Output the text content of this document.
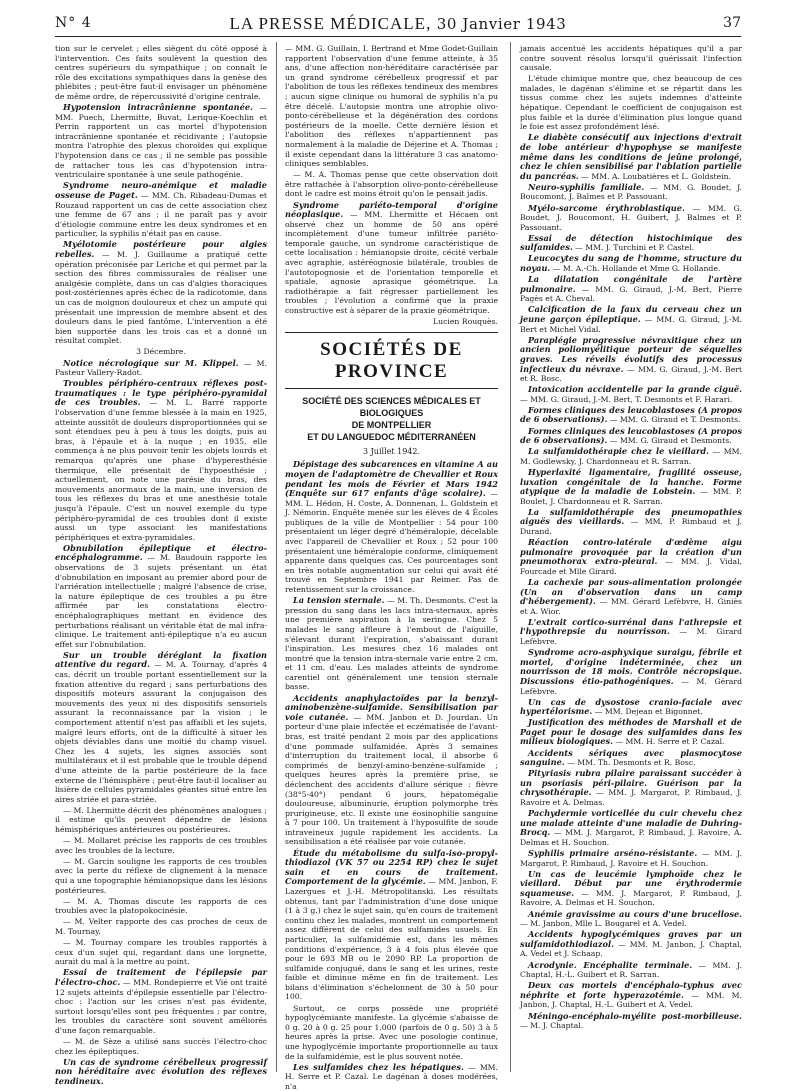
N° 4	LA PRESSE MÉDICALE, 30 Janvier 1943	37

tion sur le cervelet ; elles siègent du côté opposé à l'intervention. Ces faits soulèvent la question des centres supérieurs du sympathique ; on connaît le rôle des excitations sympathiques dans la genèse des phlébites ; peut-être faut-il envisager un phénomène de même ordre, de répercussivité d'origine centrale.

Hypotension intracrânienne spontanée. — MM. Puech, Lhermitte, Buvat, Lerique-Koechlin et Perrin rapportent un cas mortel d'hypotension intracrânienne spontanée et récidivante ; l'autopsie montra l'atrophie des plexus choroïdes qui explique l'hypotension dans ce cas ; il ne semble pas possible de rattacher tous les cas d'hypotension intra-ventriculaire spontanée à une seule pathogénie.

Syndrome neuro-anémique et maladie osseuse de Paget. — MM. Ch. Ribadeau-Dumas et Rouzaud rapportent un cas de cette association chez une femme de 67 ans ; il ne paraît pas y avoir d'étiologie commune entre les deux syndromes et en particulier, la syphilis n'était pas en cause.

Myélotomie postérieure pour algies rebelles. — M. J. Guillaume a pratiqué cette opération préconisée par Leriche et qui permet par la section des fibres commissurales de réaliser une analgésie complète, dans un cas d'algies thoraciques post-zostériennes après échec de la radicotomie, dans un cas de moignon douloureux et chez un amputé qui présentait une impression de membre absent et des douleurs dans le pied fantôme. L'intervention a été bien supportée dans les trois cas et a donné un résultat complet.

3 Décembre.

Notice nécrologique sur M. Klippel. — M. Pasteur Vallery-Radot.

Troubles périphéro-centraux réflexes post-traumatiques : le type périphéro-pyramidal de ces troubles. — M. L. Barré rapporte l'observation d'une femme blessée à la main en 1925, atteinte aussitôt de douleurs disproportionnées qui se sont étendues peu à peu à tous les doigts, puis au bras, à l'épaule et à la nuque ; en 1935, elle commença à ne plus pouvoir tenir les objets lourds et remarqua qu'après une phase d'hyperesthésie thermique, elle présentait de l'hypoesthésie ; actuellement, on note une parésie du bras, des mouvements anormaux de la main, une inversion de tous les réflexes du bras et une anesthésie totale jusqu'à l'épaule. C'est un nouvel exemple du type périphéro-pyramidal de ces troubles dont il existe aussi un type associant les manifestations périphériques et extra-pyramidales.

Obnubilation épileptique et électro-encéphalogramme. — M. Baudouin rapporte les observations de 3 sujets présentant un état d'obnubilation en imposant au premier abord pour de l'arriération intellectuelle ; malgré l'absence de crise, la nature épileptique de ces troubles a pu être affirmée par les constatations électro-encéphalographiques mettant en évidence des perturbations réalisant un véritable état de mal infra-clinique. Le traitement anti-épileptique n'a eu aucun effet sur l'obnubilation.

Sur un trouble déréglant la fixation attentive du regard. — M. A. Tournay, d'après 4 cas, décrit un trouble portant essentiellement sur la fixation attentive du regard ; sans perturbations des dispositifs moteurs assurant la conjugaison des mouvements des yeux ni des dispositifs sensoriels assurant la reconnaissance par la vision ; le comportement attentif n'est pas affaibli et les sujets, malgré leurs efforts, ont de la difficulté à situer les objets déviables dans une moitié du champ visuel. Chez les 4 sujets, les signes associés sont multilatéraux et il est probable que le trouble dépend d'une atteinte de la partie postérieure de la face externe de l'hémisphère ; peut-être faut-il localiser au lisière de cellules pyramidales géantes situé entre les aires striée et para-striée.

— M. Lhermitte décrit des phénomènes analogues ; il estime qu'ils peuvent dépendre de lésions hémisphériques antérieures ou postérieures.

— M. Mollaret précise les rapports de ces troubles avec les troubles de la lecture.

— M. Garcin souligne les rapports de ces troubles avec la perte du réflexe de clignement à la menace qui a une topographie hémianopsique dans les lésions postérieures.

— M. A. Thomas discute les rapports de ces troubles avec la platopokocinésie.

— M. Velter rapporte des cas proches de ceux de M. Tournay.

— M. Tournay compare les troubles rapportés à ceux d'un sujet qui, regardant dans une lorgnette, aurait du mal à la mettre au point.

Essai de traitement de l'épilepsie par l'électro-choc. — MM. Rondepierre et Vié ont traité 12 sujets atteints d'épilepsie essentielle par l'électro-choc : l'action sur les crises n'est pas évidente, surtout lorsqu'elles sont peu fréquentes ; par contre, les troubles du caractère sont souvent améliorés d'une façon remarquable.

— M. de Sèze a utilisé sans succès l'électro-choc chez les épileptiques.

Un cas de syndrome cérébelleux progressif non héréditaire avec évolution des réflexes tendineux.

— MM. G. Guillain, I. Bertrand et Mme Godet-Guillain rapportent l'observation d'une femme atteinte, à 35 ans, d'une affection non-héréditaire caractérisée par un grand syndrome cérébelleux progressif et par l'abolition de tous les réflexes tendineux des membres ; aucun signe clinique ou humoral de syphilis n'a pu être décelé. L'autopsie montra une atrophie olivo-ponto-cérébelleuse et la dégénération des cordons postérieurs de la moelle. Cette dernière lésion et l'abolition des réflexes n'appartiennent pas normalement à la maladie de Déjerine et A. Thomas ; il existe cependant dans la littérature 3 cas anatomo-cliniques semblables.

— M. A. Thomas pense que cette observation doit être rattachée à l'absorption olivo-ponto-cérébelleuse dont le cadre est moins étroit qu'on le pensait jadis.

Syndrome pariéto-temporal d'origine néoplasique. — MM. Lhermitte et Hécaen ont observé chez un homme de 50 ans opéré incomplètement d'une tumeur infiltrée pariéto-temporale gauche, un syndrome caractéristique de cette localisation : hémianopsie droite, cécité verbale avec agraphie, astéréognosie bilatérale, troubles de l'autotopognosie et de l'orientation temporelle et spatiale, agnosie aprasique géométrique. La radiothérapie a fait régresser partiellement les troubles ; l'évolution a confirmé que la praxie constructive est à séparer de la praxie géométrique.

Lucien Rouquès.

SOCIÉTÉS DE PROVINCE
SOCIÉTÉ DES SCIENCES MÉDICALES ET BIOLOGIQUES
DE MONTPELLIER
ET DU LANGUEDOC MÉDITERRANÉEN
3 Juillet 1942.

Dépistage des subcarences en vitamine A au moyen de l'adaptomètre de Chevallier et Roux pendant les mois de Février et Mars 1942 (Enquête sur 617 enfants d'âge scolaire). — MM. L. Hédon, H. Coste, A. Donnenan, L. Goldstein et J. Némorin. Enquête menée sur les élèves de 4 Écoles publiques de la ville de Montpellier : 54 pour 100 présentaient un léger degré d'héméralopie, décelable avec l'appareil de Chevallier et Roux ; 52 pour 100 présentaient une héméralopie conforme, cliniquement apparente dans quelques cas. Ces pourcentages sont en très notable augmentation sur celui qui avait été trouvé en Septembre 1941 par Reimer. Pas de retentissement sur la croissance.

La tension sternale. — M. Th. Desmonts. C'est la pression du sang dans les lacs intra-sternaux, après une première aspiration à la seringue. Chez 5 malades le sang affleure à l'embout de l'aiguille, s'élevant durant l'expiration, s'abaissant durant l'inspiration. Les mesures chez 16 malades ont montré que la tension intra-sternale varie entre 2 cm. et 11 cm. d'eau. Les malades atteints de syndrome carentiel ont généralement une tension sternale basse.

Accidents anaphylactoïdes par la benzyl-aminobenzène-sulfamide. Sensibilisation par voie cutanée. — MM. Janbon et D. Jourdan. Un porteur d'une plaie infectée et eczématisée de l'avant-bras, est traité pendant 2 mois par des applications d'une pommade sulfamidée. Après 3 semaines d'interruption du traitement local, il absorbe 6 comprimés de benzyl-amino-benzène-sulfamide ; quelques heures après la première prise, se déclenchent des accidents d'allure sérique : fièvre (38°5-40°) pendant 6 jours, hépatomégalie douloureuse, albuminurie, éruption polymorphe très prurigineuse, etc. Il existe une éosinophilie sanguine à 7 pour 100. Un traitement à l'hyposulfite de soude intraveineux jugule rapidement les accidents. La sensibilisation a été réalisée par voie cutanée.

Étude du métabolisme du sulfa-iso-propyl-thiodiazol (VK 57 ou 2254 RP) chez le sujet sain et en cours de traitement. Comportement de la glycémie. — MM. Janbon, F. Lazergues et J.-H. Métropolitanski. Les résultats obtenus, tant par l'administration d'une dose unique (1 à 3 g.) chez le sujet sain, qu'en cours de traitement continu chez les malades, montrent un comportement assez différent de celui des sulfamides usuels. En particulier, la sulfamidémie est, dans les mêmes conditions d'expérience, 3 à 4 fois plus élevée que pour le 693 MB ou le 2090 RP. La proportion de sulfamide conjugué, dans le sang et les urines, reste faible et diminue même en fin de traitement. Les bilans d'élimination s'échelonnent de 30 à 50 pour 100.

Surtout, ce corps possède une propriété hypoglycémiante manifeste. La glycémie s'abaisse de 0 g. 20 à 0 g. 25 pour 1.000 (parfois de 0 g. 50) 3 à 5 heures après la prise. Avec une posologie continue, une hypoglycémie importante proportionnelle au taux de la sulfamidémie, est le plus souvent notée.

Les sulfamides chez les hépatiques. — MM. H. Serre et P. Cazal. Le dagénan à doses modérées, n'a

jamais accentué les accidents hépatiques qu'il a par contre souvent résolus lorsqu'il guérissait l'infection causale.

L'étude chimique montre que, chez beaucoup de ces malades, le dagénan s'élimine et se répartit dans les tissus comme chez les sujets indemnes d'atteinte hépatique. Cependant le coefficient de conjugaison est plus faible et la durée d'élimination plus longue quand le foie est assez profondément lésé.

Le diabète consécutif aux injections d'extrait de lobe antérieur d'hypophyse se manifeste même dans les conditions de jeûne prolongé, chez le chien sensibilisé par l'ablation partielle du pancréas. — MM. A. Loubatières et L. Goldstein.

Neuro-syphilis familiale. — MM. G. Boudet, J. Boucomont, J. Balmes et P. Passouant.

Myélo-sarcome érythroblastique. — MM. G. Boudet, J. Boucomont, H. Guibert, J. Balmes et P. Passouant.

Essai de détection histochimique des sulfamides. — MM. J. Turchini et P. Castel.

Leucocytes du sang de l'homme, structure du noyau. — M. A.-Ch. Hollande et Mme G. Hollande.

La dilatation congénitale de l'artère pulmonaire. — MM. G. Giraud, J.-M. Bert, Pierre Pagès et A. Cheval.

Calcification de la faux du cerveau chez un jeune garçon épileptique. — MM. G. Giraud, J.-M. Bert et Michel Vidal.

Paraplégie progressive névraxitique chez un ancien poliomyélitique porteur de séquelles graves. Les réveils évolutifs des processus infectieux du névraxe. — MM. G. Giraud, J.-M. Bert et R. Bosc.

Intoxication accidentelle par la grande ciguë. — MM. G. Giraud, J.-M. Bert, T. Desmonts et F. Harari.

Formes cliniques des leucoblastoses (A propos de 6 observations). — MM. G. Giraud et T. Desmonts.

Formes cliniques des leucoblastoses (A propos de 6 observations). — MM. G. Giraud et Desmonts.

La sulfamidothérapie chez le vieillard. — MM. M. Godlewsky, J. Chardonneau et R. Sarran.

Hyperlaxité ligamentaire, fragilité osseuse, luxation congénitale de la hanche. Forme atypique de la maladie de Lobstein. — MM. P. Boulet, J. Chardonneau et R. Sarran.

La sulfamidothérapie des pneumopathies aiguës des vieillards. — MM. P. Rimbaud et J. Durand.

Réaction contro-latérale d'œdème aigu pulmonaire provoquée par la création d'un pneumothorax extra-pleural. — MM. J. Vidal, Fourcade et Mlle Girard.

La cachexie par sous-alimentation prolongée (Un an d'observation dans un camp d'hébergement). — MM. Gérard Lefèbvre, H. Giniès et A. Wior.

L'extrait cortico-surrénal dans l'athrepsie et l'hypothrepsie du nourrisson. — M. Girard Lefèbvre.

Syndrome acro-asphyxique suraigu, fébrile et mortel, d'origine indéterminée, chez un nourrisson de 18 mois. Contrôle nécropsique. Discussions étio-pathogéniques. — M. Gérard Lefèbvre.

Un cas de dysostose cranio-faciale avec hypertélorisme. — MM. Dejean et Bigonnet.

Justification des méthodes de Marshall et de Paget pour le dosage des sulfamides dans les milieux biologiques. — MM. H. Serre et P. Cazal.

Accidents sériques avec plasmocytose sanguine. — MM. Th. Desmonts et R. Bosc.

Pityriasis rubra pilaire paraissant succéder à un psoriasis péri-pilaire. Guérison par la chrysothérapie. — MM. J. Margarot, P. Rimbaud, J. Ravoire et A. Delmas.

Pachydermie vorticellée du cuir chevelu chez une malade atteinte d'une maladie de Duhring-Brocq. — MM. J. Margarot, P. Rimbaud, J. Ravoire, A. Delmas et H. Souchon.

Syphilis primaire arséno-résistante. — MM. J. Margarot, P. Rimbaud, J. Ravoire et H. Souchon.

Un cas de leucémie lymphoïde chez le vieillard. Début par une érythrodermie squameuse. — MM. J. Margarot, P. Rimbaud, J. Ravoire, A. Delmas et H. Souchon.

Anémie gravissime au cours d'une brucellose. — M. Janbon, Mlle L. Bougarel et A. Vedel.

Accidents hypoglycémiques graves par un sulfamidothiodiazol. — MM. M. Janbon, J. Chaptal, A. Vedel et J. Schaap.

Acrodynie. Encéphalite terminale. — MM. J. Chaptal, H.-L. Guibert et R. Sarran.

Deux cas mortels d'encéphalo-typhus avec néphrite et forte hyperazotémie. — MM. M. Janbon, J. Chaptal, H.-L. Guibert et A. Vedel.

Méningo-encéphalo-myélite post-morbilleuse. — M. J. Chaptal.
